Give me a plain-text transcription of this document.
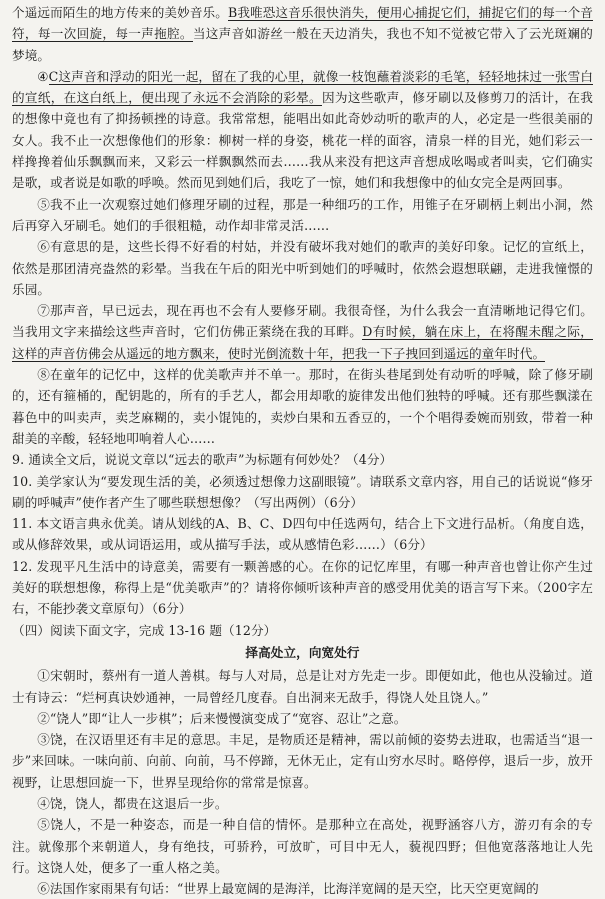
个遥远而陌生的地方传来的美妙音乐。B我唯恐这音乐很快消失，便用心捕捉它们，捕捉它们的每一个音符，每一次回旋，每一声拖腔。当这声音如游丝一般在天边消失，我也不知不觉被它带入了云光斑斓的梦境。

④C这声音和浮动的阳光一起，留在了我的心里，就像一枝饱蘸着淡彩的毛笔，轻轻地抹过一张雪白的宣纸，在这白纸上，便出现了永远不会消除的彩晕。因为这些歌声，修牙刷以及修剪刀的活计，在我的想像中竟也有了抑扬顿挫的诗意。我常常想，能唱出如此奇妙动听的歌声的人，必定是一些很美丽的女人。我不止一次想像他们的形象：柳树一样的身姿，桃花一样的面容，清泉一样的目光，她们彩云一样搀搀着仙乐飘飘而来，又彩云一样飘飘然而去……我从来没有把这声音想成吆喝或者叫卖，它们确实是歌，或者说是如歌的呼唤。然而见到她们后，我吃了一惊，她们和我想像中的仙女完全是两回事。

⑤我不止一次观察过她们修理牙刷的过程，那是一种细巧的工作，用锥子在牙刷柄上刺出小洞，然后再穿入牙刷毛。她们的手很粗糙，动作却非常灵活……

⑥有意思的是，这些长得不好看的村姑，并没有破坏我对她们的歌声的美好印象。记忆的宣纸上，依然是那团清亮盎然的彩晕。当我在午后的阳光中听到她们的呼喊时，依然会遐想联翩，走进我憧憬的乐园。

⑦那声音，早已远去，现在再也不会有人要修牙刷。我很奇怪，为什么我会一直清晰地记得它们。当我用文字来描绘这些声音时，它们仿佛正萦绕在我的耳畔。D有时候，躺在床上，在将醒未醒之际，这样的声音仿佛会从遥远的地方飘来，使时光倒流数十年，把我一下子拽回到遥远的童年时代。

⑧在童年的记忆中，这样的优美歌声并不单一。那时，在街头巷尾到处有动听的呼喊，除了修牙刷的，还有箍桶的，配钥匙的，所有的手艺人，都会用却歌的旋律发出他们独特的呼喊。还有那些飘漾在暮色中的叫卖声，卖芝麻糊的，卖小馄饨的，卖炒白果和五香豆的，一个个唱得委婉而别致，带着一种甜美的辛酸，轻轻地叩响着人心……

9. 通读全文后，说说文章以“远去的歌声”为标题有何妙处？（4分）

10. 美学家认为“要发现生活的美，必须透过想像力这副眼镜”。请联系文章内容，用自己的话说说“修牙刷的呼喊声”使作者产生了哪些联想想像？（写出两例）（6分）

11. 本文语言典永优美。请从划线的A、B、C、D四句中任选两句，结合上下文进行品析。（角度自选，或从修辞效果，或从词语运用，或从描写手法，或从感情色彩……）（6分）

12. 发现平凡生活中的诗意美，需要有一颗善感的心。在你的记忆库里，有哪一种声音也曾让你产生过美好的联想想像，称得上是“优美歌声”的？请将你倾听该种声音的感受用优美的语言写下来。（200字左右，不能抄袭文章原句）（6分）

（四）阅读下面文字，完成 13-16 题（12分）

择高处立，向宽处行

①宋朝时，蔡州有一道人善棋。每与人对局，总是让对方先走一步。即便如此，他也从没输过。道士有诗云：“烂柯真诀妙通神，一局曾经几度春。自出洞来无敌手，得饶人处且饶人。”

②“饶人”即“让人一步棋”；后来慢慢演变成了“宽容、忍让”之意。

③饶，在汉语里还有丰足的意思。丰足，是物质还是精神，需以前倾的姿势去进取，也需适当“退一步”来回味。一味向前、向前、向前，马不停蹄，无休无止，定有山穷水尽时。略停停，退后一步，放开视野，让思想回旋一下，世界呈现给你的常常是惊喜。

④饶，饶人，都贵在这退后一步。

⑤饶人，不是一种姿态，而是一种自信的情怀。是那种立在高处，视野涵容八方，游刃有余的专注。就像那个来朝道人，身有绝技，可骄矜，可放旷，可目中无人，藐视四野；但他宽落落地让人先行。这饶人处，便多了一重人格之美。

⑥法国作家雨果有句话：“世界上最宽阔的是海洋，比海洋宽阔的是天空，比天空更宽阔的
